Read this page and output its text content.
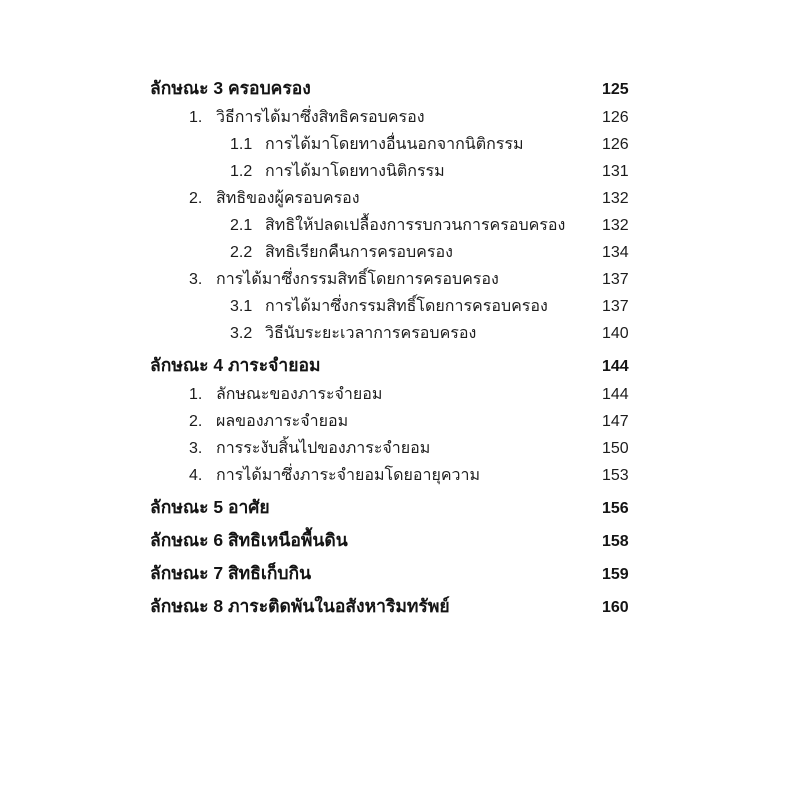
ลักษณะ 3 ครอบครอง	125
1. วิธีการได้มาซึ่งสิทธิครอบครอง	126
1.1 การได้มาโดยทางอื่นนอกจากนิติกรรม	126
1.2 การได้มาโดยทางนิติกรรม	131
2. สิทธิของผู้ครอบครอง	132
2.1 สิทธิให้ปลดเปลื้องการรบกวนการครอบครอง 132
2.2 สิทธิเรียกคืนการครอบครอง	134
3. การได้มาซึ่งกรรมสิทธิ์โดยการครอบครอง	137
3.1 การได้มาซึ่งกรรมสิทธิ์โดยการครอบครอง	137
3.2 วิธีนับระยะเวลาการครอบครอง	140
ลักษณะ 4 ภาระจำยอม	144
1. ลักษณะของภาระจำยอม	144
2. ผลของภาระจำยอม	147
3. การระงับสิ้นไปของภาระจำยอม	150
4. การได้มาซึ่งภาระจำยอมโดยอายุความ	153
ลักษณะ 5 อาศัย	156
ลักษณะ 6 สิทธิเหนือพื้นดิน	158
ลักษณะ 7 สิทธิเก็บกิน	159
ลักษณะ 8 ภาระติดพันในอสังหาริมทรัพย์	160
